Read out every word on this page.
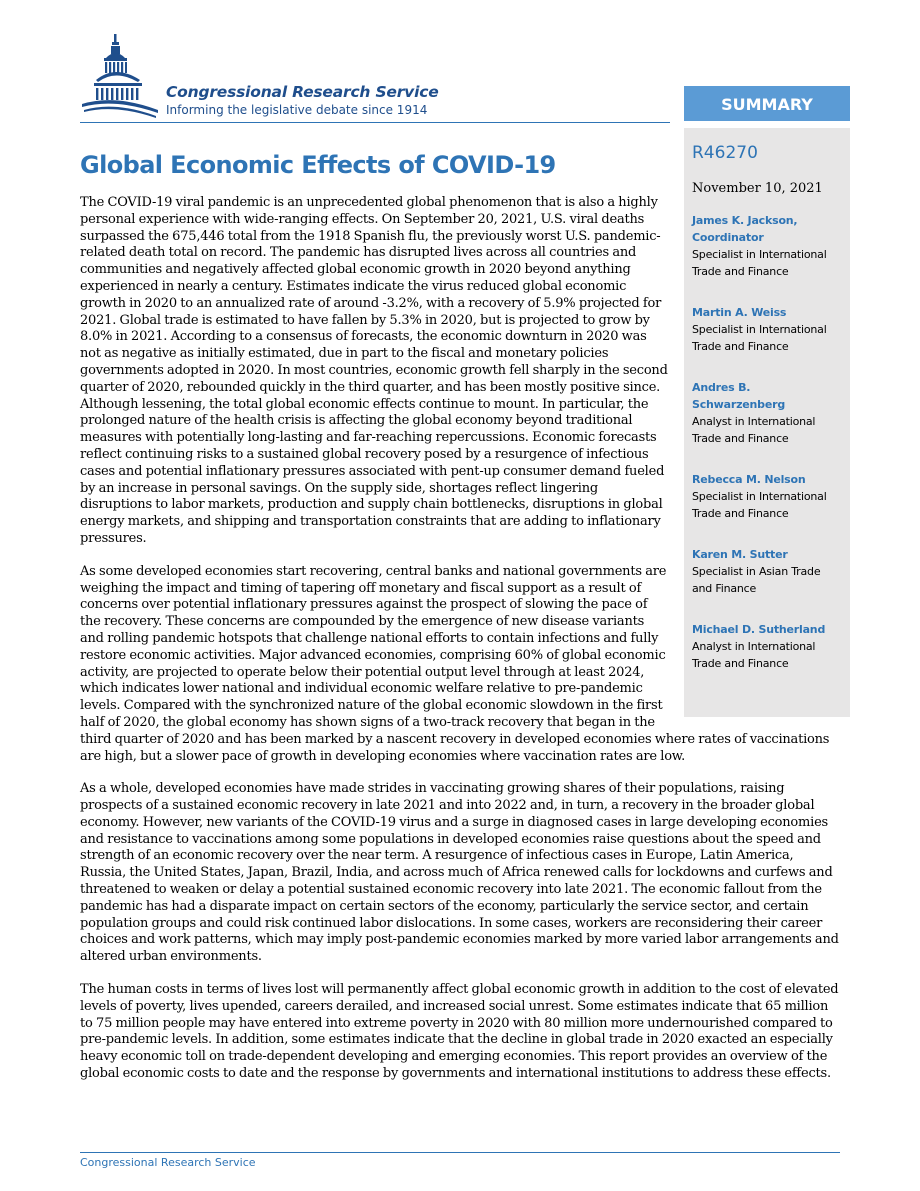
Congressional Research Service
Informing the legislative debate since 1914
Global Economic Effects of COVID-19

The COVID-19 viral pandemic is an unprecedented global phenomenon that is also a highly personal experience with wide-ranging effects. On September 20, 2021, U.S. viral deaths surpassed the 675,446 total from the 1918 Spanish flu, the previously worst U.S. pandemic-related death total on record. The pandemic has disrupted lives across all countries and communities and negatively affected global economic growth in 2020 beyond anything experienced in nearly a century. Estimates indicate the virus reduced global economic growth in 2020 to an annualized rate of around -3.2%, with a recovery of 5.9% projected for 2021. Global trade is estimated to have fallen by 5.3% in 2020, but is projected to grow by 8.0% in 2021. According to a consensus of forecasts, the economic downturn in 2020 was not as negative as initially estimated, due in part to the fiscal and monetary policies governments adopted in 2020. In most countries, economic growth fell sharply in the second quarter of 2020, rebounded quickly in the third quarter, and has been mostly positive since. Although lessening, the total global economic effects continue to mount. In particular, the prolonged nature of the health crisis is affecting the global economy beyond traditional measures with potentially long-lasting and far-reaching repercussions. Economic forecasts reflect continuing risks to a sustained global recovery posed by a resurgence of infectious cases and potential inflationary pressures associated with pent-up consumer demand fueled by an increase in personal savings. On the supply side, shortages reflect lingering disruptions to labor markets, production and supply chain bottlenecks, disruptions in global energy markets, and shipping and transportation constraints that are adding to inflationary pressures.

As some developed economies start recovering, central banks and national governments are weighing the impact and timing of tapering off monetary and fiscal support as a result of concerns over potential inflationary pressures against the prospect of slowing the pace of the recovery. These concerns are compounded by the emergence of new disease variants and rolling pandemic hotspots that challenge national efforts to contain infections and fully restore economic activities. Major advanced economies, comprising 60% of global economic activity, are projected to operate below their potential output level through at least 2024, which indicates lower national and individual economic welfare relative to pre-pandemic levels. Compared with the synchronized nature of the global economic slowdown in the first half of 2020, the global economy has shown signs of a two-track recovery that began in the third quarter of 2020 and has been marked by a nascent recovery in developed economies where rates of vaccinations are high, but a slower pace of growth in developing economies where vaccination rates are low.

As a whole, developed economies have made strides in vaccinating growing shares of their populations, raising prospects of a sustained economic recovery in late 2021 and into 2022 and, in turn, a recovery in the broader global economy. However, new variants of the COVID-19 virus and a surge in diagnosed cases in large developing economies and resistance to vaccinations among some populations in developed economies raise questions about the speed and strength of an economic recovery over the near term. A resurgence of infectious cases in Europe, Latin America, Russia, the United States, Japan, Brazil, India, and across much of Africa renewed calls for lockdowns and curfews and threatened to weaken or delay a potential sustained economic recovery into late 2021. The economic fallout from the pandemic has had a disparate impact on certain sectors of the economy, particularly the service sector, and certain population groups and could risk continued labor dislocations. In some cases, workers are reconsidering their career choices and work patterns, which may imply post-pandemic economies marked by more varied labor arrangements and altered urban environments.

The human costs in terms of lives lost will permanently affect global economic growth in addition to the cost of elevated levels of poverty, lives upended, careers derailed, and increased social unrest. Some estimates indicate that 65 million to 75 million people may have entered into extreme poverty in 2020 with 80 million more undernourished compared to pre-pandemic levels. In addition, some estimates indicate that the decline in global trade in 2020 exacted an especially heavy economic toll on trade-dependent developing and emerging economies. This report provides an overview of the global economic costs to date and the response by governments and international institutions to address these effects.

SUMMARY
R46270
November 10, 2021
James K. Jackson,
Coordinator
Specialist in International
Trade and Finance
Martin A. Weiss
Specialist in International
Trade and Finance
Andres B. Schwarzenberg
Analyst in International
Trade and Finance
Rebecca M. Nelson
Specialist in International
Trade and Finance
Karen M. Sutter
Specialist in Asian Trade
and Finance
Michael D. Sutherland
Analyst in International
Trade and Finance
Congressional Research Service
